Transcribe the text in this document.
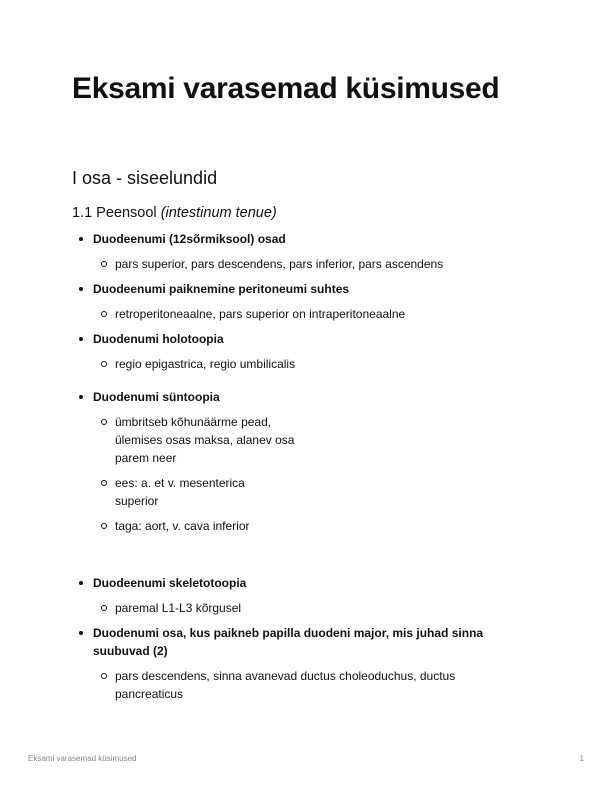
Eksami varasemad küsimused
I osa - siseelundid
1.1 Peensool (intestinum tenue)
Duodeenumi (12sõrmiksool) osad
pars superior, pars descendens, pars inferior, pars ascendens
Duodeenumi paiknemine peritoneumi suhtes
retroperitoneaalne, pars superior on intraperitoneaalne
Duodenumi holotoopia
regio epigastrica, regio umbilicalis
Duodenumi süntoopia
ümbritseb kõhunäärme pead, ülemises osas maksa, alanev osa parem neer
ees: a. et v. mesenterica superior
taga: aort, v. cava inferior
Duodeenumi skeletotoopia
paremal L1-L3 kõrgusel
Duodenumi osa, kus paikneb papilla duodeni major, mis juhad sinna suubuvad (2)
pars descendens, sinna avanevad ductus choleoduchus, ductus pancreaticus
Eksami varasemad küsimused	1
